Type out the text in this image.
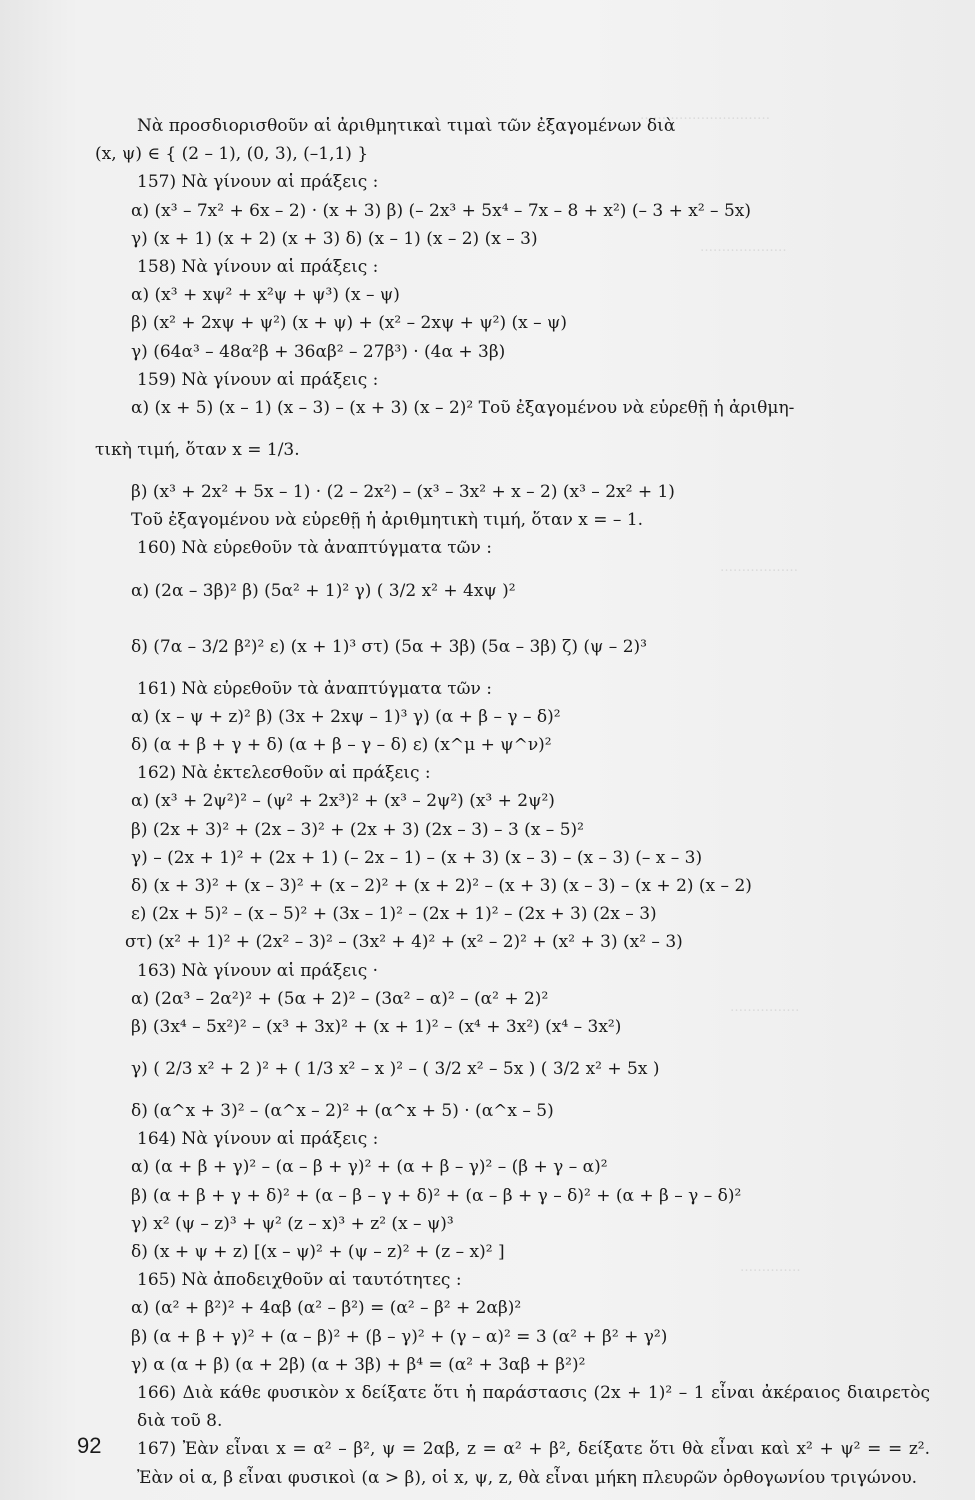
‥‥‥‥‥‥‥‥‥‥‥‥‥‥‥
‥‥‥‥‥‥‥‥‥‥
‥‥‥‥‥‥‥‥‥
‥‥‥‥‥‥‥‥
‥‥‥‥‥‥‥
Νὰ προσδιορισθοῦν αἱ ἀριθμητικαὶ τιμαὶ τῶν ἐξαγομένων διὰ
(x, ψ) ∈ { (2 – 1), (0, 3), (–1,1) }
157) Νὰ γίνουν αἱ πράξεις :
α) (x³ – 7x² + 6x – 2) · (x + 3) β) (– 2x³ + 5x⁴ – 7x – 8 + x²) (– 3 + x² – 5x)
γ) (x + 1) (x + 2) (x + 3) δ) (x – 1) (x – 2) (x – 3)
158) Νὰ γίνουν αἱ πράξεις :
α) (x³ + xψ² + x²ψ + ψ³) (x – ψ)
β) (x² + 2xψ + ψ²) (x + ψ) + (x² – 2xψ + ψ²) (x – ψ)
γ) (64α³ – 48α²β + 36αβ² – 27β³) · (4α + 3β)
159) Νὰ γίνουν αἱ πράξεις :
α) (x + 5) (x – 1) (x – 3) – (x + 3) (x – 2)² Τοῦ ἐξαγομένου νὰ εὑρεθῇ ἡ ἀριθμη-
τικὴ τιμή, ὅταν x = 1/3.
β) (x³ + 2x² + 5x – 1) · (2 – 2x²) – (x³ – 3x² + x – 2) (x³ – 2x² + 1)
Τοῦ ἐξαγομένου νὰ εὑρεθῇ ἡ ἀριθμητικὴ τιμή, ὅταν x = – 1.
160) Νὰ εὑρεθοῦν τὰ ἀναπτύγματα τῶν :
α) (2α – 3β)² β) (5α² + 1)² γ) ( 3/2 x² + 4xψ )²
δ) (7α – 3/2 β²)² ε) (x + 1)³ στ) (5α + 3β) (5α – 3β) ζ) (ψ – 2)³
161) Νὰ εὑρεθοῦν τὰ ἀναπτύγματα τῶν :
α) (x – ψ + z)² β) (3x + 2xψ – 1)³ γ) (α + β – γ – δ)²
δ) (α + β + γ + δ) (α + β – γ – δ) ε) (x^μ + ψ^ν)²
162) Νὰ ἐκτελεσθοῦν αἱ πράξεις :
α) (x³ + 2ψ²)² – (ψ² + 2x³)² + (x³ – 2ψ²) (x³ + 2ψ²)
β) (2x + 3)² + (2x – 3)² + (2x + 3) (2x – 3) – 3 (x – 5)²
γ) – (2x + 1)² + (2x + 1) (– 2x – 1) – (x + 3) (x – 3) – (x – 3) (– x – 3)
δ) (x + 3)² + (x – 3)² + (x – 2)² + (x + 2)² – (x + 3) (x – 3) – (x + 2) (x – 2)
ε) (2x + 5)² – (x – 5)² + (3x – 1)² – (2x + 1)² – (2x + 3) (2x – 3)
στ) (x² + 1)² + (2x² – 3)² – (3x² + 4)² + (x² – 2)² + (x² + 3) (x² – 3)
163) Νὰ γίνουν αἱ πράξεις ·
α) (2α³ – 2α²)² + (5α + 2)² – (3α² – α)² – (α² + 2)²
β) (3x⁴ – 5x²)² – (x³ + 3x)² + (x + 1)² – (x⁴ + 3x²) (x⁴ – 3x²)
γ) ( 2/3 x² + 2 )² + ( 1/3 x² – x )² – ( 3/2 x² – 5x ) ( 3/2 x² + 5x )
δ) (α^x + 3)² – (α^x – 2)² + (α^x + 5) · (α^x – 5)
164) Νὰ γίνουν αἱ πράξεις :
α) (α + β + γ)² – (α – β + γ)² + (α + β – γ)² – (β + γ – α)²
β) (α + β + γ + δ)² + (α – β – γ + δ)² + (α – β + γ – δ)² + (α + β – γ – δ)²
γ) x² (ψ – z)³ + ψ² (z – x)³ + z² (x – ψ)³
δ) (x + ψ + z) [(x – ψ)² + (ψ – z)² + (z – x)² ]
165) Νὰ ἀποδειχθοῦν αἱ ταυτότητες :
α) (α² + β²)² + 4αβ (α² – β²) = (α² – β² + 2αβ)²
β) (α + β + γ)² + (α – β)² + (β – γ)² + (γ – α)² = 3 (α² + β² + γ²)
γ) α (α + β) (α + 2β) (α + 3β) + β⁴ = (α² + 3αβ + β²)²
166) Διὰ κάθε φυσικὸν x δείξατε ὅτι ἡ παράστασις (2x + 1)² – 1 εἶναι ἀκέραιος διαιρετὸς διὰ τοῦ 8.
167) Ἐὰν εἶναι x = α² – β², ψ = 2αβ, z = α² + β², δείξατε ὅτι θὰ εἶναι καὶ x² + ψ² = = z². Ἐὰν οἱ α, β εἶναι φυσικοὶ (α > β), οἱ x, ψ, z, θὰ εἶναι μήκη πλευρῶν ὀρθογωνίου τριγώνου.
92
